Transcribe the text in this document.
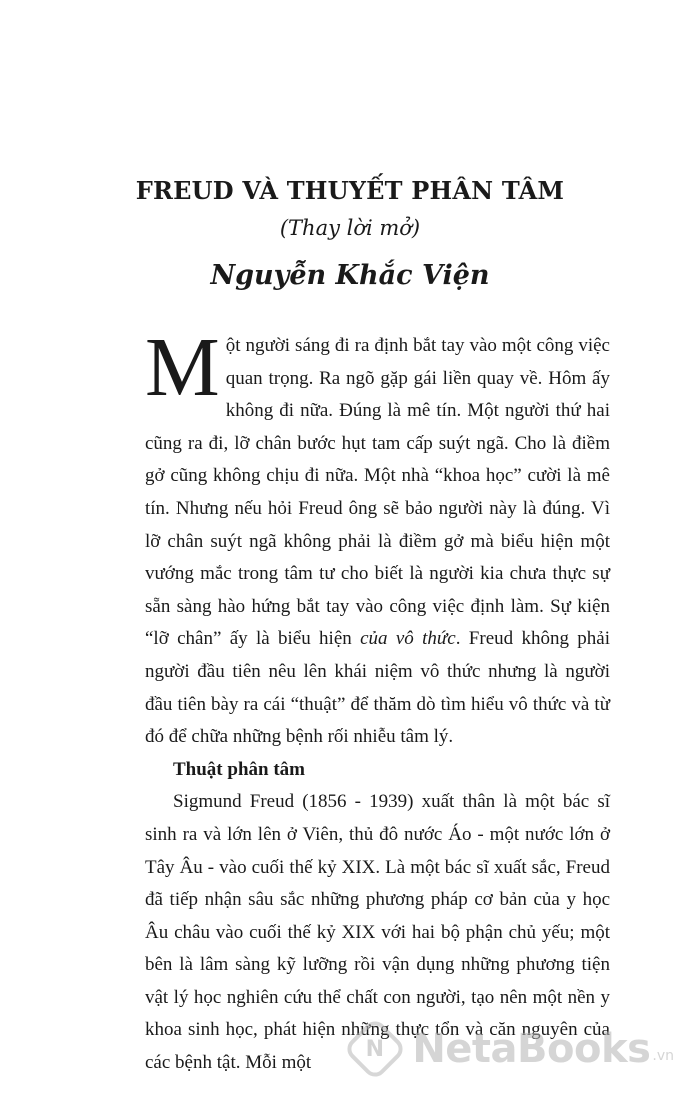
FREUD VÀ THUYẾT PHÂN TÂM
(Thay lời mở)
Nguyễn Khắc Viện

Một người sáng đi ra định bắt tay vào một công việc quan trọng. Ra ngõ gặp gái liền quay về. Hôm ấy không đi nữa. Đúng là mê tín. Một người thứ hai cũng ra đi, lỡ chân bước hụt tam cấp suýt ngã. Cho là điềm gở cũng không chịu đi nữa. Một nhà “khoa học” cười là mê tín. Nhưng nếu hỏi Freud ông sẽ bảo người này là đúng. Vì lỡ chân suýt ngã không phải là điềm gở mà biểu hiện một vướng mắc trong tâm tư cho biết là người kia chưa thực sự sẵn sàng hào hứng bắt tay vào công việc định làm. Sự kiện “lỡ chân” ấy là biểu hiện của vô thức. Freud không phải người đầu tiên nêu lên khái niệm vô thức nhưng là người đầu tiên bày ra cái “thuật” để thăm dò tìm hiểu vô thức và từ đó để chữa những bệnh rối nhiễu tâm lý.

Thuật phân tâm

Sigmund Freud (1856 - 1939) xuất thân là một bác sĩ sinh ra và lớn lên ở Viên, thủ đô nước Áo - một nước lớn ở Tây Âu - vào cuối thế kỷ XIX. Là một bác sĩ xuất sắc, Freud đã tiếp nhận sâu sắc những phương pháp cơ bản của y học Âu châu vào cuối thế kỷ XIX với hai bộ phận chủ yếu; một bên là lâm sàng kỹ lưỡng rồi vận dụng những phương tiện vật lý học nghiên cứu thể chất con người, tạo nên một nền y khoa sinh học, phát hiện những thực tổn và căn nguyên của các bệnh tật. Mỗi một

N NetaBooks .vn
